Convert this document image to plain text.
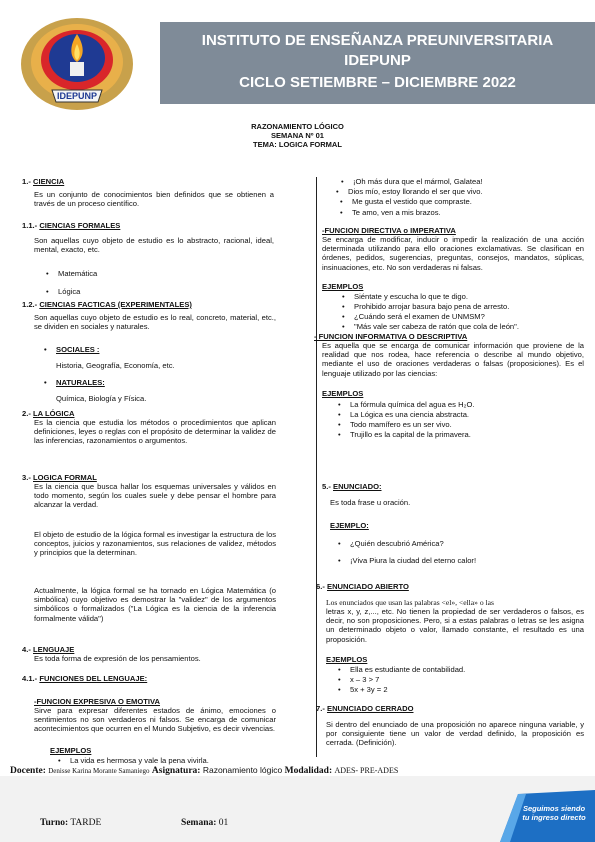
IDEPUNP
INSTITUTO DE ENSEÑANZA PREUNIVERSITARIA
IDEPUNP
CICLO SETIEMBRE – DICIEMBRE 2022
RAZONAMIENTO LÓGICO
SEMANA Nº 01
TEMA: LOGICA FORMAL
1.- CIENCIA

Es un conjunto de conocimientos bien definidos que se obtienen a través de un proceso científico.

1.1.- CIENCIAS FORMALES

Son aquellas cuyo objeto de estudio es lo abstracto, racional, ideal, mental, exacto, etc.

• Matemática
• Lógica
1.2.- CIENCIAS FACTICAS (EXPERIMENTALES)

Son aquellas cuyo objeto de estudio es lo real, concreto, material, etc., se dividen en sociales y naturales.

• SOCIALES :
Historia, Geografía, Economía, etc.
• NATURALES:
Química, Biología y Física.
2.- LA LÓGICA

Es la ciencia que estudia los métodos o procedimientos que aplican definiciones, leyes o reglas con el propósito de determinar la validez de las inferencias, razonamientos o argumentos.

3.- LOGICA FORMAL

Es la ciencia que busca hallar los esquemas universales y válidos en todo momento, según los cuales suele y debe pensar el hombre para alcanzar la verdad.

El objeto de estudio de la lógica formal es investigar la estructura de los conceptos, juicios y razonamientos, sus relaciones de validez, métodos y principios que la determinan.

Actualmente, la lógica formal se ha tornado en Lógica Matemática (o simbólica) cuyo objetivo es demostrar la "validez" de los argumentos simbólicos o formalizados ("La Lógica es la ciencia de la inferencia formalmente válida")

4.- LENGUAJE

Es toda forma de expresión de los pensamientos.

4.1.- FUNCIONES DEL LENGUAJE:
-FUNCION EXPRESIVA O EMOTIVA

Sirve para expresar diferentes estados de ánimo, emociones o sentimientos no son verdaderos ni falsos. Se encarga de comunicar acontecimientos que ocurren en el Mundo Subjetivo, es decir vivencias.

EJEMPLOS
• La vida es hermosa y vale la pena vivirla.
• ¡Oh más dura que el mármol, Galatea!
• Dios mío, estoy llorando el ser que vivo.
• Me gusta el vestido que compraste.
• Te amo, ven a mis brazos.
-FUNCION DIRECTIVA o IMPERATIVA

Se encarga de modificar, inducir o impedir la realización de una acción determinada utilizando para ello oraciones exclamativas. Se clasifican en órdenes, pedidos, sugerencias, preguntas, consejos, mandatos, súplicas, insinuaciones, etc. No son verdaderas ni falsas.

EJEMPLOS
• Siéntate y escucha lo que te digo.
• Prohibido arrojar basura bajo pena de arresto.
• ¿Cuándo será el examen de UNMSM?
• "Más vale ser cabeza de ratón que cola de león".
- FUNCION INFORMATIVA O DESCRIPTIVA

Es aquella que se encarga de comunicar información que proviene de la realidad que nos rodea, hace referencia o describe al mundo objetivo, mediante el uso de oraciones verdaderas o falsas (proposiciones). Es el lenguaje utilizado por las ciencias:

EJEMPLOS
• La fórmula química del agua es H₂O.
• La Lógica es una ciencia abstracta.
• Todo mamífero es un ser vivo.
• Trujillo es la capital de la primavera.
5.- ENUNCIADO:

Es toda frase u oración.

EJEMPLO:
• ¿Quién descubrió América?
• ¡Viva Piura la ciudad del eterno calor!
6.- ENUNCIADO ABIERTO

Los enunciados que usan las palabras <el», <ella» o las

letras x, y, z,..., etc. No tienen la propiedad de ser verdaderos o falsos, es decir, no son proposiciones. Pero, si a estas palabras o letras se les asigna un determinado objeto o valor, llamado constante, el resultado es una proposición.

EJEMPLOS
• Ella es estudiante de contabilidad.
• x – 3 > 7
• 5x + 3y = 2
7.- ENUNCIADO CERRADO

Si dentro del enunciado de una proposición no aparece ninguna variable, y por consiguiente tiene un valor de verdad definido, la proposición es cerrada. (Definición).

Docente: Denisse Karina Morante Samaniego Asignatura: Razonamiento lógico Modalidad: ADES- PRE-ADES
Turno: TARDE	Semana: 01
Seguimos siendo
tu ingreso directo
